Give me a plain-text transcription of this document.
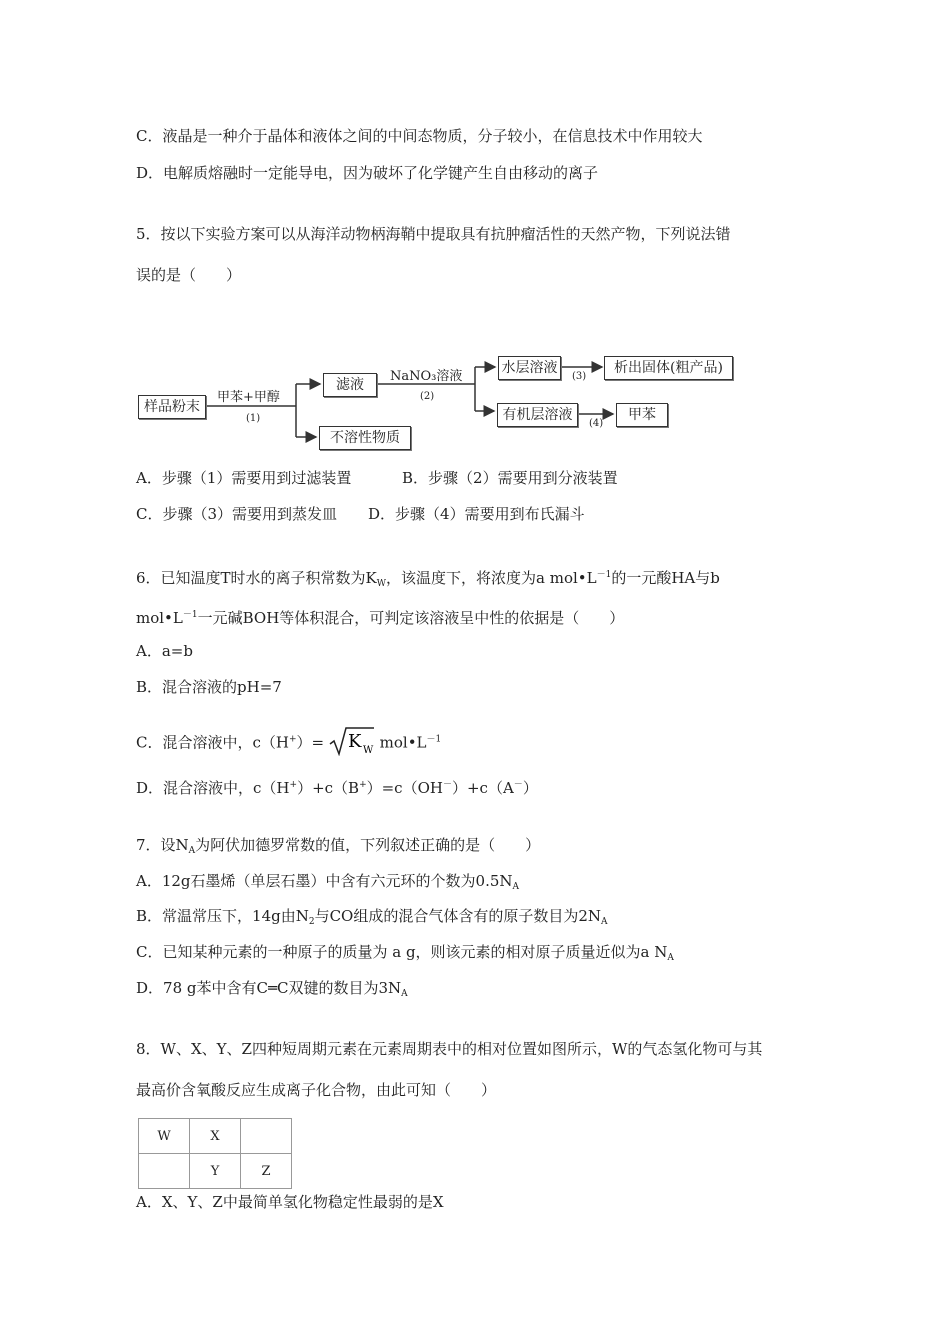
C．液晶是一种介于晶体和液体之间的中间态物质，分子较小，在信息技术中作用较大
D．电解质熔融时一定能导电，因为破坏了化学键产生自由移动的离子
5．按以下实验方案可以从海洋动物柄海鞘中提取具有抗肿瘤活性的天然产物，下列说法错
误的是（　　）
样品粉末
甲苯+甲醇
(1)
滤液
不溶性物质
NaNO₃溶液
(2)
水层溶液
(3)
析出固体(粗产品)
有机层溶液
(4)
甲苯
A．步骤（1）需要用到过滤装置	B．步骤（2）需要用到分液装置
C．步骤（3）需要用到蒸发皿 D．步骤（4）需要用到布氏漏斗
6．已知温度T时水的离子积常数为$K_W$，该温度下，将浓度为a $mol•L^{-1}$的一元酸HA与b
$mol•L^{-1}$一元碱BOH等体积混合，可判定该溶液呈中性的依据是（　　）
A．a=b
B．混合溶液的pH=7
C．混合溶液中，c（H+）= K W $mol•L^{-1}$
D．混合溶液中，c（H+）+c（B+）=c（OH－）+c（A－）
7．设$N_A$为阿伏加德罗常数的值，下列叙述正确的是（　　）
A．12g石墨烯（单层石墨）中含有六元环的个数为$0.5N_A$
B．常温常压下，14g由$N_2$与CO组成的混合气体含有的原子数目为$2N_A$
C．已知某种元素的一种原子的质量为 a g，则该元素的相对原子质量近似为a $N_A$
D．78 g苯中含有C═C双键的数目为$3N_A$
8．W、X、Y、Z四种短周期元素在元素周期表中的相对位置如图所示，W的气态氢化物可与其
最高价含氧酸反应生成离子化合物，由此可知（　　）
W	X	
	Y	Z
A．X、Y、Z中最简单氢化物稳定性最弱的是X
